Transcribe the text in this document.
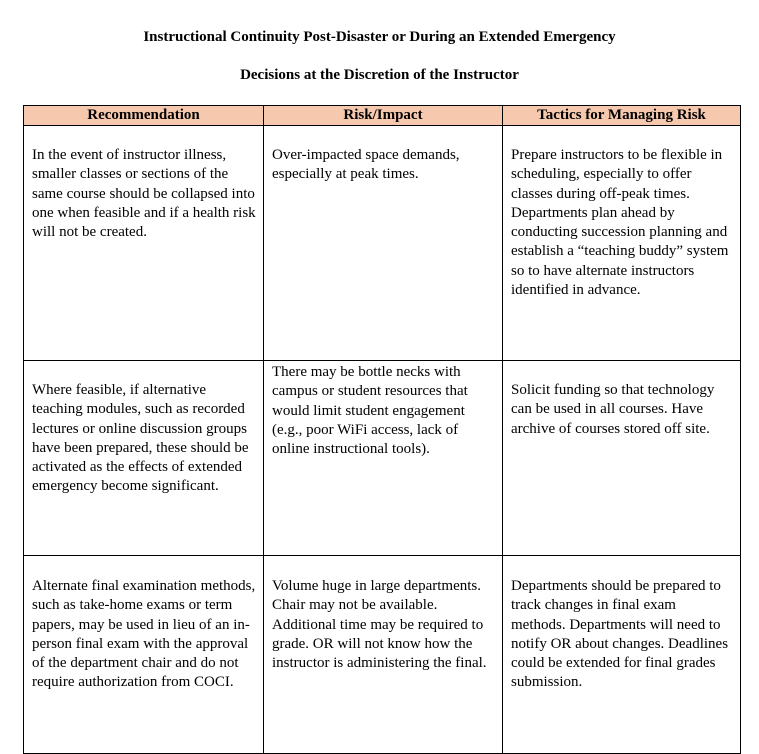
Instructional Continuity Post-Disaster or During an Extended Emergency
Decisions at the Discretion of the Instructor
Recommendation	Risk/Impact	Tactics for Managing Risk

In the event of instructor illness, smaller classes or sections of the same course should be collapsed into one when feasible and if a health risk will not be created.	Over-impacted space demands, especially at peak times.	Prepare instructors to be flexible in scheduling, especially to offer classes during off-peak times. Departments plan ahead by conducting succession planning and establish a “teaching buddy” system so to have alternate instructors identified in advance.

Where feasible, if alternative teaching modules, such as recorded lectures or online discussion groups have been prepared, these should be activated as the effects of extended emergency become significant.	There may be bottle necks with campus or student resources that would limit student engagement (e.g., poor WiFi access, lack of online instructional tools).	Solicit funding so that technology can be used in all courses. Have archive of courses stored off site.

Alternate final examination methods, such as take-home exams or term papers, may be used in lieu of an in-person final exam with the approval of the department chair and do not require authorization from COCI.	Volume huge in large departments. Chair may not be available. Additional time may be required to grade. OR will not know how the instructor is administering the final.	Departments should be prepared to track changes in final exam methods. Departments will need to notify OR about changes. Deadlines could be extended for final grades submission.
